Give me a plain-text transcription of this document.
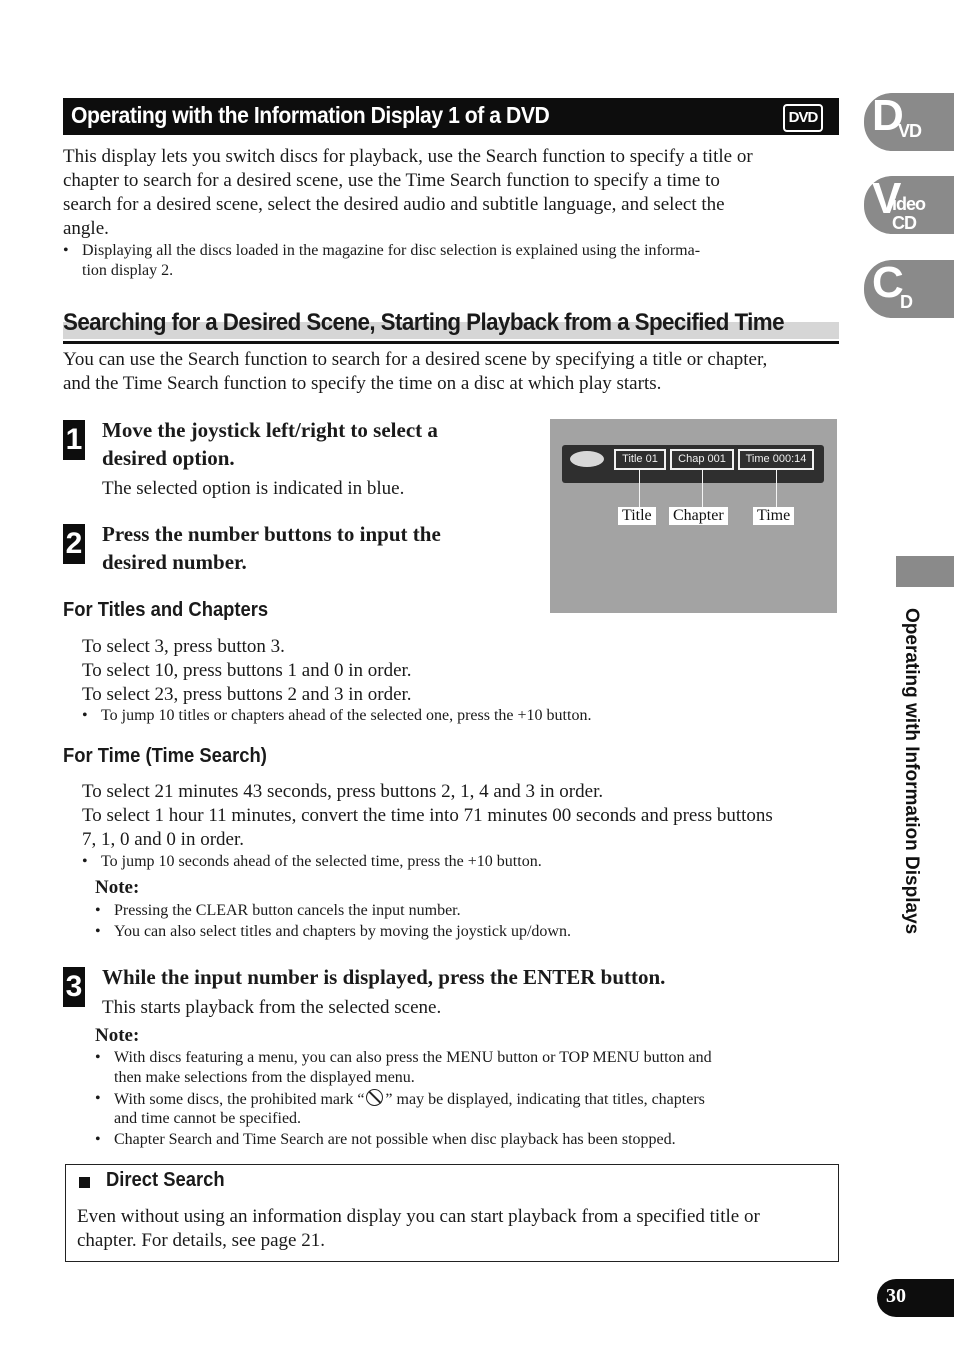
Operating with the Information Display 1 of a DVD	DVD
This display lets you switch discs for playback, use the Search function to specify a title or
chapter to search for a desired scene, use the Time Search function to specify a time to
search for a desired scene, select the desired audio and subtitle language, and select the
angle.
• Displaying all the discs loaded in the magazine for disc selection is explained using the informa-
tion display 2.
Searching for a Desired Scene, Starting Playback from a Specified Time
You can use the Search function to search for a desired scene by specifying a title or chapter,
and the Time Search function to specify the time on a disc at which play starts.
1 Move the joystick left/right to select a
desired option.
The selected option is indicated in blue.
2 Press the number buttons to input the
desired number.
Title 01	Chap 001	Time 000:14
Title Chapter Time
For Titles and Chapters
To select 3, press button 3.
To select 10, press buttons 1 and 0 in order.
To select 23, press buttons 2 and 3 in order.
• To jump 10 titles or chapters ahead of the selected one, press the +10 button.
For Time (Time Search)
To select 21 minutes 43 seconds, press buttons 2, 1, 4 and 3 in order.
To select 1 hour 11 minutes, convert the time into 71 minutes 00 seconds and press buttons
7, 1, 0 and 0 in order.
• To jump 10 seconds ahead of the selected time, press the +10 button.
Note:
• Pressing the CLEAR button cancels the input number.
• You can also select titles and chapters by moving the joystick up/down.
3 While the input number is displayed, press the ENTER button.
This starts playback from the selected scene.
Note:
• With discs featuring a menu, you can also press the MENU button or TOP MENU button and
then make selections from the displayed menu.
• With some discs, the prohibited mark “ ” may be displayed, indicating that titles, chapters
and time cannot be specified.
• Chapter Search and Time Search are not possible when disc playback has been stopped.
Direct Search
Even without using an information display you can start playback from a specified title or
chapter. For details, see page 21.
D
VD
V
ideo
CD
C
D
Operating with Information Displays
30
